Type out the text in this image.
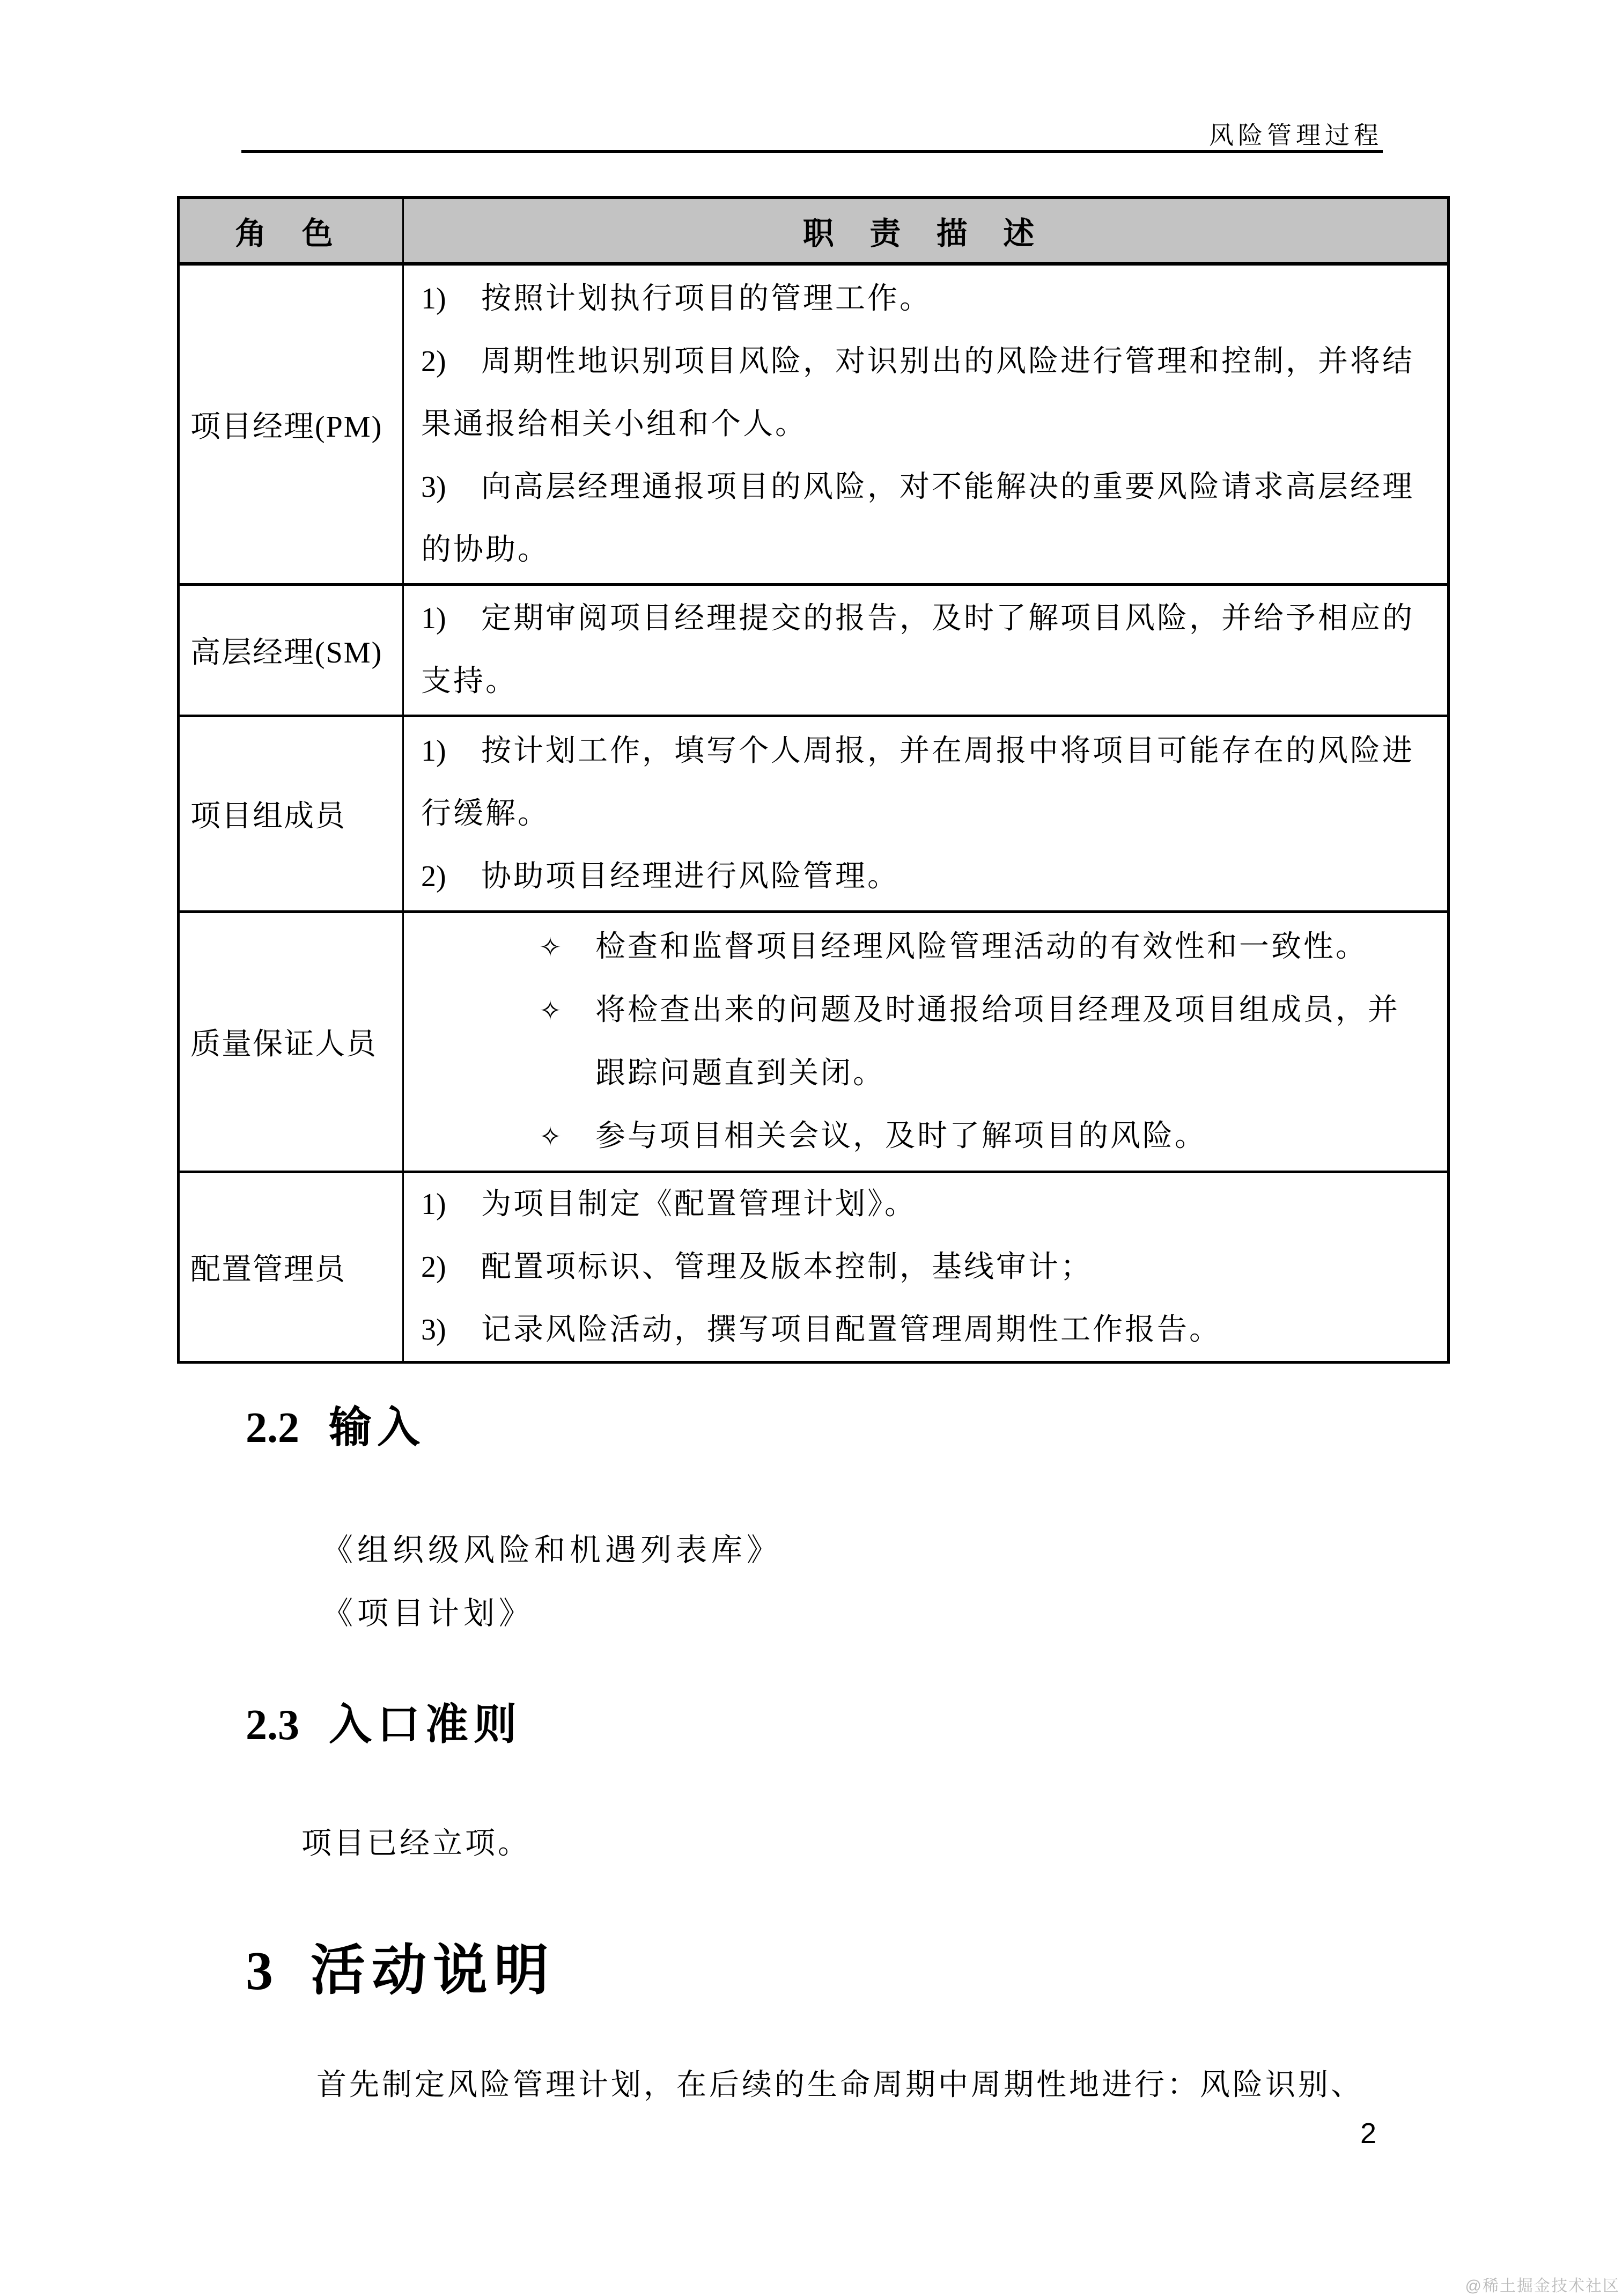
风险管理过程
角 色	职 责 描 述
项目经理(PM)
1) 按照计划执行项目的管理工作。
2) 周期性地识别项目风险，对识别出的风险进行管理和控制，并将结
果通报给相关小组和个人。
3) 向高层经理通报项目的风险，对不能解决的重要风险请求高层经理
的协助。
高层经理(SM)
1) 定期审阅项目经理提交的报告，及时了解项目风险，并给予相应的
支持。
项目组成员
1) 按计划工作，填写个人周报，并在周报中将项目可能存在的风险进
行缓解。
2) 协助项目经理进行风险管理。
质量保证人员
✧ 检查和监督项目经理风险管理活动的有效性和一致性。
✧ 将检查出来的问题及时通报给项目经理及项目组成员，并
跟踪问题直到关闭。
✧ 参与项目相关会议，及时了解项目的风险。
配置管理员
1) 为项目制定《配置管理计划》。
2) 配置项标识、管理及版本控制，基线审计；
3) 记录风险活动，撰写项目配置管理周期性工作报告。
2.2 输入
《组织级风险和机遇列表库》
《项目计划》
2.3 入口准则
项目已经立项。
3 活动说明
首先制定风险管理计划，在后续的生命周期中周期性地进行：风险识别、
2
@稀土掘金技术社区
